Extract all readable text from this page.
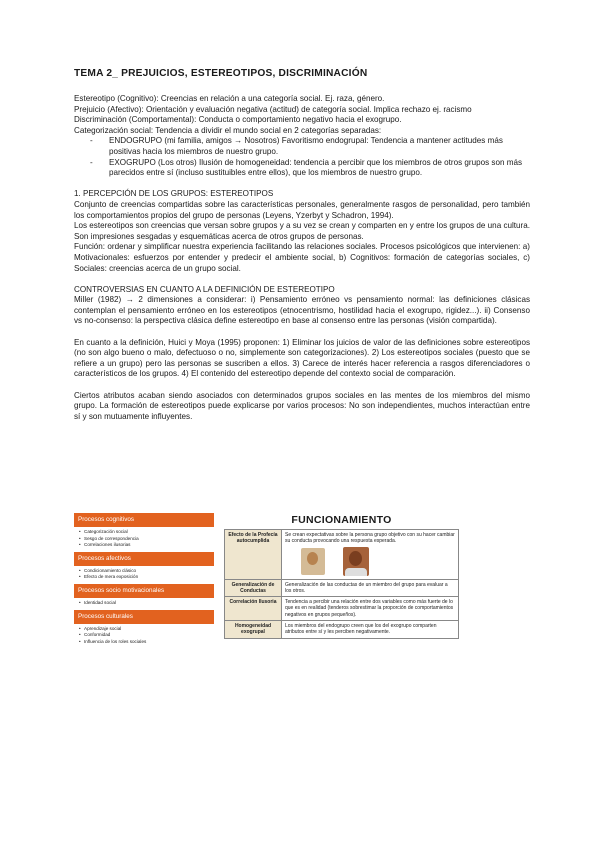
TEMA 2_ PREJUICIOS, ESTEREOTIPOS, DISCRIMINACIÓN

Estereotipo (Cognitivo): Creencias en relación a una categoría social. Ej. raza, género.

Prejuicio (Afectivo): Orientación y evaluación negativa (actitud) de categoría social. Implica rechazo ej. racismo

Discriminación (Comportamental): Conducta o comportamiento negativo hacia el exogrupo.

Categorización social: Tendencia a dividir el mundo social en 2 categorías separadas:

- ENDOGRUPO (mi familia, amigos → Nosotros) Favoritismo endogrupal: Tendencia a mantener actitudes más positivas hacia los miembros de nuestro grupo.
- EXOGRUPO (Los otros) Ilusión de homogeneidad: tendencia a percibir que los miembros de otros grupos son más parecidos entre sí (incluso sustituibles entre ellos), que los miembros de nuestro grupo.

1. PERCEPCIÓN DE LOS GRUPOS: ESTEREOTIPOS

Conjunto de creencias compartidas sobre las características personales, generalmente rasgos de personalidad, pero también los comportamientos propios del grupo de personas (Leyens, Yzerbyt y Schadron, 1994).

Los estereotipos son creencias que versan sobre grupos y a su vez se crean y comparten en y entre los grupos de una cultura. Son impresiones sesgadas y esquemáticas acerca de otros grupos de personas.

Función: ordenar y simplificar nuestra experiencia facilitando las relaciones sociales. Procesos psicológicos que intervienen: a) Motivacionales: esfuerzos por entender y predecir el ambiente social, b) Cognitivos: formación de categorías sociales, c) Sociales: creencias acerca de un grupo social.

CONTROVERSIAS EN CUANTO A LA DEFINICIÓN DE ESTEREOTIPO

Miller (1982) → 2 dimensiones a considerar: i) Pensamiento erróneo vs pensamiento normal: las definiciones clásicas contemplan el pensamiento erróneo en los estereotipos (etnocentrismo, hostilidad hacia el exogrupo, rigidez...). ii) Consenso vs no-consenso: la perspectiva clásica define estereotipo en base al consenso entre las personas (visión compartida).

En cuanto a la definición, Huici y Moya (1995) proponen: 1) Eliminar los juicios de valor de las definiciones sobre estereotipos (no son algo bueno o malo, defectuoso o no, simplemente son categorizaciones). 2) Los estereotipos sociales (puesto que se refiere a un grupo) pero las personas se suscriben a ellos. 3) Carece de interés hacer referencia a rasgos diferenciadores o característicos de los grupos. 4) El contenido del estereotipo depende del contexto social de comparación.

Ciertos atributos acaban siendo asociados con determinados grupos sociales en las mentes de los miembros del mismo grupo. La formación de estereotipos puede explicarse por varios procesos: No son independientes, muchos interactúan entre sí y son mutuamente influyentes.

Procesos cognitivos
• Categorización social
• Sesgo de correspondencia
• Correlaciones ilusorias
Procesos afectivos
• Condicionamiento clásico
• Efecto de mera exposición
Procesos socio motivacionales
• Identidad social
Procesos culturales
• Aprendizaje social
• Conformidad
• Influencia de los roles sociales
FUNCIONAMIENTO
Efecto de la Profecía autocumplida	Se crean expectativas sobre la persona grupo objetivo con su hacer cambiar su conducta provocando una respuesta esperada.

Generalización de Conductas	Generalización de las conductas de un miembro del grupo para evaluar a los otros.
Correlación Ilusoria	Tendencia a percibir una relación entre dos variables como más fuerte de lo que es en realidad (tenderos sobrestimar la proporción de comportamientos negativos en grupos pequeños).
Homogeneidad exogrupal	Los miembros del endogrupo creen que los del exogrupo comparten atributos entre sí y les perciben negativamente.
